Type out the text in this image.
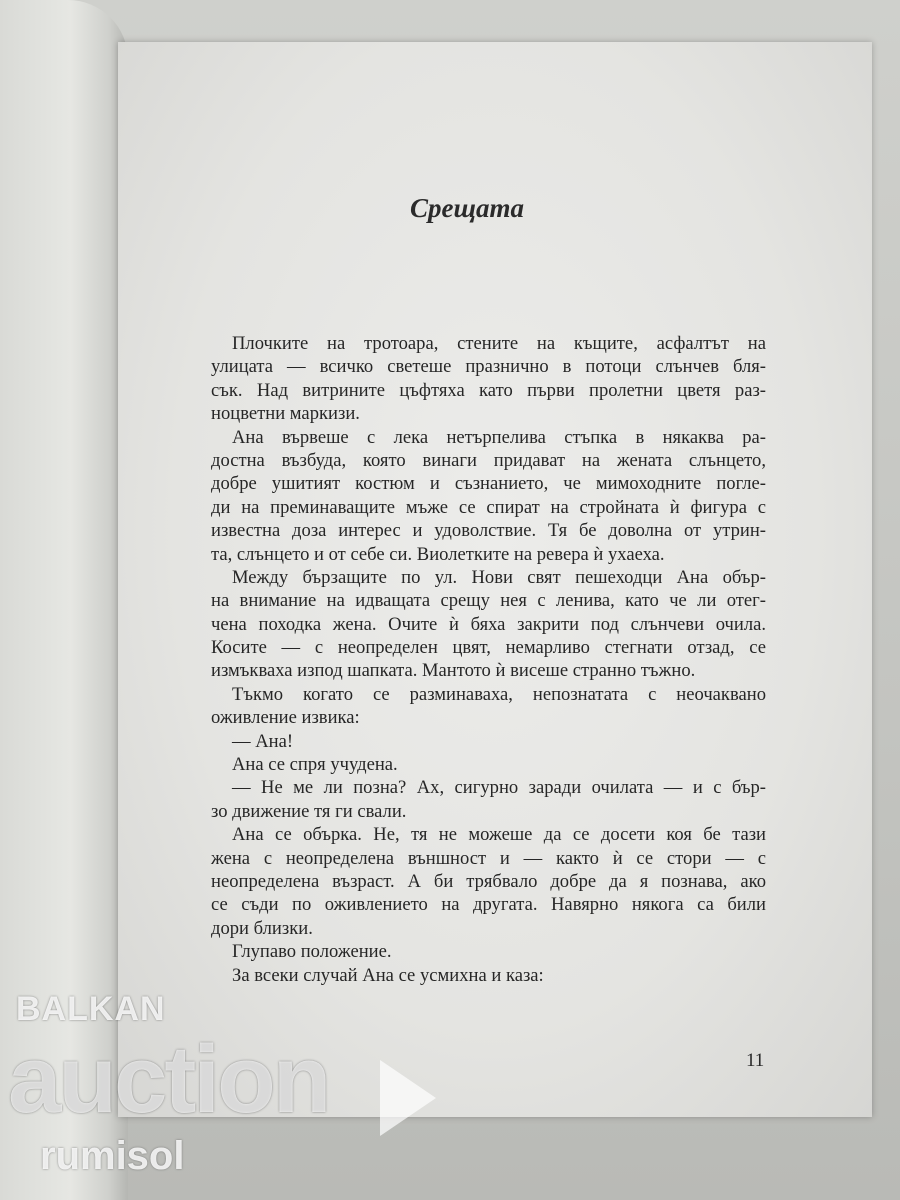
Срещата
Плочките на тротоара, стените на къщите, асфалтът на
улицата — всичко светеше празнично в потоци слънчев бля-
сък. Над витрините цъфтяха като първи пролетни цветя раз-
ноцветни маркизи.
Ана вървеше с лека нетърпелива стъпка в някаква ра-
достна възбуда, която винаги придават на жената слънцето,
добре ушитият костюм и съзнанието, че мимоходните погле-
ди на преминаващите мъже се спират на стройната ѝ фигура с
известна доза интерес и удоволствие. Тя бе доволна от утрин-
та, слънцето и от себе си. Виолетките на ревера ѝ ухаеха.
Между бързащите по ул. Нови свят пешеходци Ана обър-
на внимание на идващата срещу нея с ленива, като че ли отег-
чена походка жена. Очите ѝ бяха закрити под слънчеви очила.
Косите — с неопределен цвят, немарливо стегнати отзад, се
измъкваха изпод шапката. Мантото ѝ висеше странно тъжно.
Тъкмо когато се разминаваха, непознатата с неочаквано
оживление извика:
— Ана!
Ана се спря учудена.
— Не ме ли позна? Ах, сигурно заради очилата — и с бър-
зо движение тя ги свали.
Ана се обърка. Не, тя не можеше да се досети коя бе тази
жена с неопределена външност и — както ѝ се стори — с
неопределена възраст. А би трябвало добре да я познава, ако
се съди по оживлението на другата. Навярно някога са били
дори близки.
Глупаво положение.
За всеки случай Ана се усмихна и каза:
11
BALKAN
auction
rumisol
